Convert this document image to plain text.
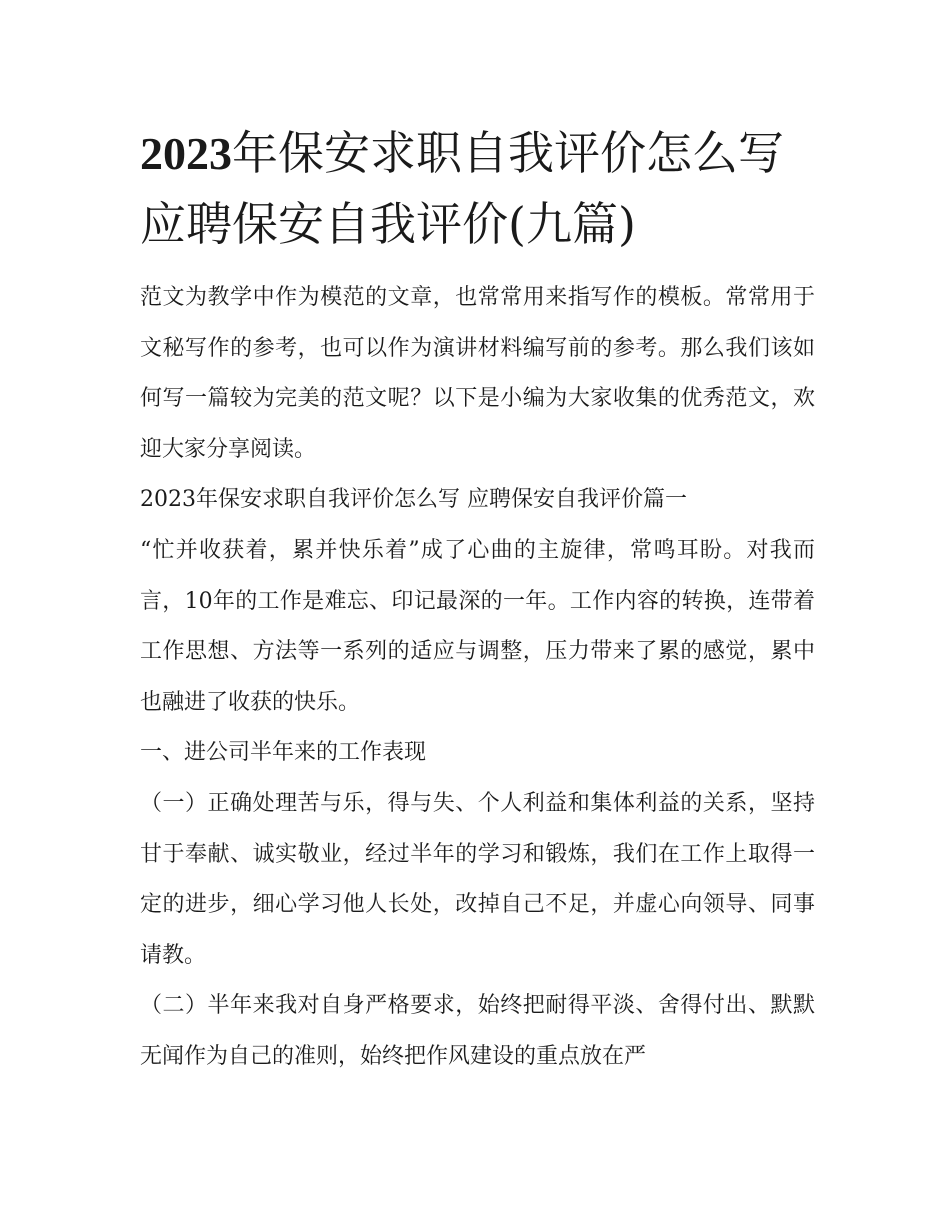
2023年保安求职自我评价怎么写 应聘保安自我评价(九篇)

范文为教学中作为模范的文章，也常常用来指写作的模板。常常用于文秘写作的参考，也可以作为演讲材料编写前的参考。那么我们该如何写一篇较为完美的范文呢？以下是小编为大家收集的优秀范文，欢迎大家分享阅读。

2023年保安求职自我评价怎么写 应聘保安自我评价篇一

“忙并收获着，累并快乐着”成了心曲的主旋律，常鸣耳盼。对我而言，10年的工作是难忘、印记最深的一年。工作内容的转换，连带着工作思想、方法等一系列的适应与调整，压力带来了累的感觉，累中也融进了收获的快乐。

一、进公司半年来的工作表现

（一）正确处理苦与乐，得与失、个人利益和集体利益的关系，坚持甘于奉献、诚实敬业，经过半年的学习和锻炼，我们在工作上取得一定的进步，细心学习他人长处，改掉自己不足，并虚心向领导、同事请教。

（二）半年来我对自身严格要求，始终把耐得平淡、舍得付出、默默无闻作为自己的准则，始终把作风建设的重点放在严
